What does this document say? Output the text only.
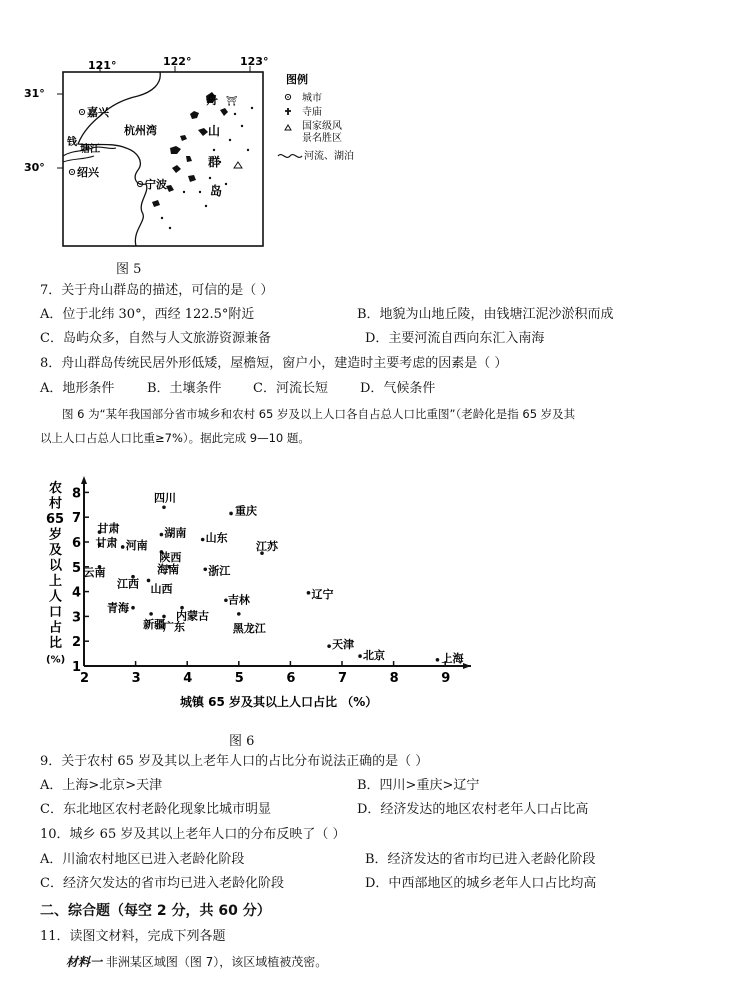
121°	122°	123°
31°
30°
⛩
嘉兴
杭州湾
钱
塘江
绍兴
宁波
舟
山
群
岛
图例
城市
寺庙
国家级风
景名胜区
河流、湖泊
图 5
7．关于舟山群岛的描述，可信的是（ ）
A．位于北纬 30°，西经 122.5°附近	B．地貌为山地丘陵，由钱塘江泥沙淤积而成
C．岛屿众多，自然与人文旅游资源兼备	D．主要河流自西向东汇入南海
8．舟山群岛传统民居外形低矮，屋檐短，窗户小，建造时主要考虑的因素是（ ）
A．地形条件	B．土壤条件 C．河流长短 D．气候条件
图 6 为“某年我国部分省市城乡和农村 65 岁及以上人口各自占总人口比重图”（老龄化是指 65 岁及其
以上人口占总人口比重≥7%）。据此完成 9—10 题。
农
村
65
岁
及
以
上
人
口
占
比
(%)
2	3	4	5	6	7	8	9
1
2
3
4
5
6
7
8	四川
重庆
甘肃	湖南 山东
江苏
甘肃 河南
陕西
云南	海南	浙江
江西 山西	辽宁
青海
吉林
内蒙古
新疆
广东	黑龙江
天津
北京	上海
城镇 65 岁及其以上人口占比 （%）
图 6
9．关于农村 65 岁及其以上老年人口的占比分布说法正确的是（ ）
A．上海>北京>天津	B．四川>重庆>辽宁
C．东北地区农村老龄化现象比城市明显	D．经济发达的地区农村老年人口占比高
10．城乡 65 岁及其以上老年人口的分布反映了（ ）
A．川渝农村地区已进入老龄化阶段	B．经济发达的省市均已进入老龄化阶段
C．经济欠发达的省市均已进入老龄化阶段	D．中西部地区的城乡老年人口占比均高
二、综合题（每空 2 分，共 60 分）
11．读图文材料，完成下列各题
材料一 非洲某区域图（图 7），该区域植被茂密。
